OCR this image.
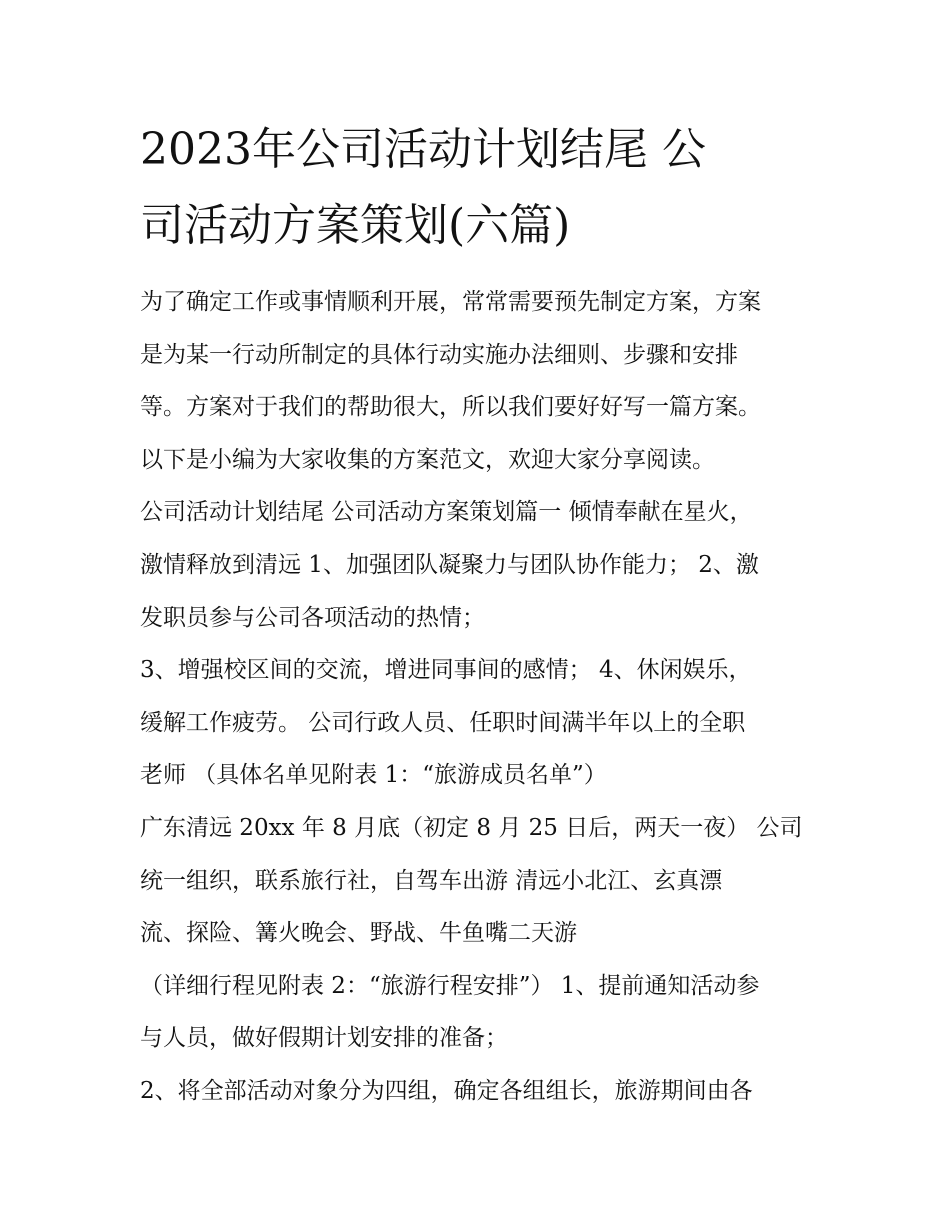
2023年公司活动计划结尾 公
司活动方案策划(六篇)
为了确定工作或事情顺利开展，常常需要预先制定方案，方案
是为某一行动所制定的具体行动实施办法细则、步骤和安排
等。方案对于我们的帮助很大，所以我们要好好写一篇方案。
以下是小编为大家收集的方案范文，欢迎大家分享阅读。
公司活动计划结尾 公司活动方案策划篇一 倾情奉献在星火，
激情释放到清远 1、加强团队凝聚力与团队协作能力； 2、激
发职员参与公司各项活动的热情；
3、增强校区间的交流，增进同事间的感情； 4、休闲娱乐，
缓解工作疲劳。 公司行政人员、任职时间满半年以上的全职
老师 （具体名单见附表 1：“旅游成员名单”）
广东清远 20xx 年 8 月底（初定 8 月 25 日后，两天一夜） 公司
统一组织，联系旅行社，自驾车出游 清远小北江、玄真漂
流、探险、篝火晚会、野战、牛鱼嘴二天游
（详细行程见附表 2：“旅游行程安排”） 1、提前通知活动参
与人员，做好假期计划安排的准备；
2、将全部活动对象分为四组，确定各组组长，旅游期间由各
